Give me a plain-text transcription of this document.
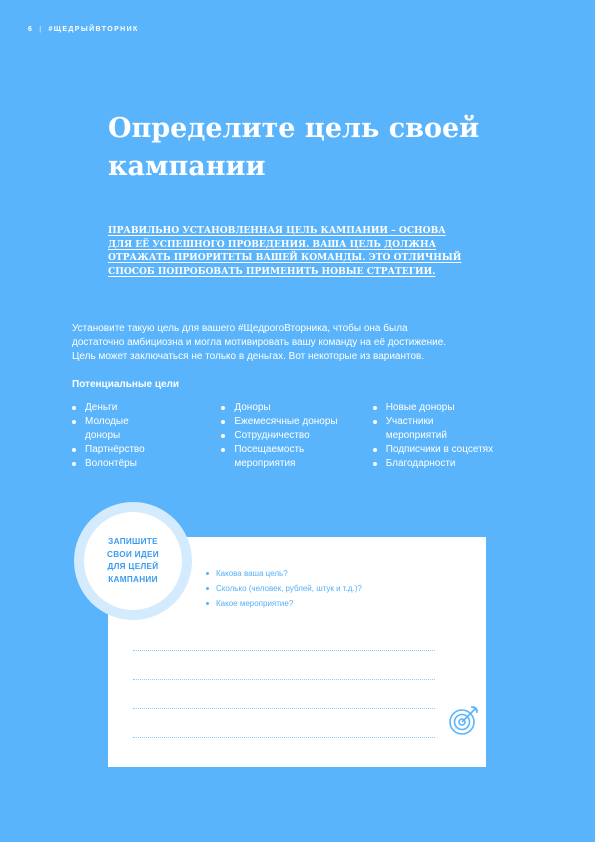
6 | #ЩЕДРЫЙВТОРНИК
Определите цель своей
кампании
ПРАВИЛЬНО УСТАНОВЛЕННАЯ ЦЕЛЬ КАМПАНИИ – ОСНОВА
ДЛЯ ЕЁ УСПЕШНОГО ПРОВЕДЕНИЯ. ВАША ЦЕЛЬ ДОЛЖНА
ОТРАЖАТЬ ПРИОРИТЕТЫ ВАШЕЙ КОМАНДЫ. ЭТО ОТЛИЧНЫЙ
СПОСОБ ПОПРОБОВАТЬ ПРИМЕНИТЬ НОВЫЕ СТРАТЕГИИ.
Установите такую цель для вашего #ЩедрогоВторника, чтобы она была
достаточно амбициозна и могла мотивировать вашу команду на её достижение.
Цель может заключаться не только в деньгах. Вот некоторые из вариантов.
Потенциальные цели
Деньги
Молодые доноры
Партнёрство
Волонтёры
Доноры
Ежемесячные доноры
Сотрудничество
Посещаемость мероприятия
Новые доноры
Участники мероприятий
Подписчики в соцсетях
Благодарности
ЗАПИШИТЕ СВОИ ИДЕИ ДЛЯ ЦЕЛЕЙ КАМПАНИИ
Какова ваша цель?
Сколько (человек, рублей, штук и т.д.)?
Какое мероприятие?
